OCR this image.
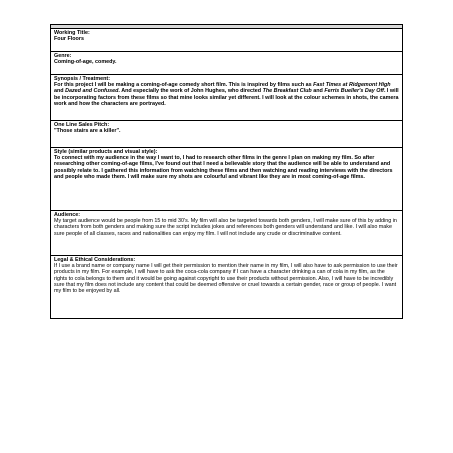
Working Title:
Four Floors

Genre:
Coming-of-age, comedy.

Synopsis / Treatment:
For this project I will be making a coming-of-age comedy short film. This is inspired by films such as Fast Times at Ridgemont High and Dazed and Confused. And especially the work of John Hughes, who directed The Breakfast Club and Ferris Bueller's Day Off. I will be incorporating factors from these films so that mine looks similar yet different. I will look at the colour schemes in shots, the camera work and how the characters are portrayed.

One Line Sales Pitch:
"Those stairs are a killer".

Style (similar products and visual style):
To connect with my audience in the way I want to, I had to research other films in the genre I plan on making my film. So after researching other coming-of-age films, I've found out that I need a believable story that the audience will be able to understand and possibly relate to. I gathered this information from watching these films and then watching and reading interviews with the directors and people who made them. I will make sure my shots are colourful and vibrant like they are in most coming-of-age films.

Audience:
My target audience would be people from 15 to mid 30's. My film will also be targeted towards both genders, I will make sure of this by adding in characters from both genders and making sure the script includes jokes and references both genders will understand and like. I will also make sure people of all classes, races and nationalities can enjoy my film. I will not include any crude or discriminative content.

Legal & Ethical Considerations:
If I use a brand name or company name I will get their permission to mention their name in my film, I will also have to ask permission to use their products in my film. For example, I will have to ask the coca-cola company if I can have a character drinking a can of cola in my film, as the rights to cola belongs to them and it would be going against copyright to use their products without permission. Also, I will have to be incredibly sure that my film does not include any content that could be deemed offensive or cruel towards a certain gender, race or group of people. I want my film to be enjoyed by all.
